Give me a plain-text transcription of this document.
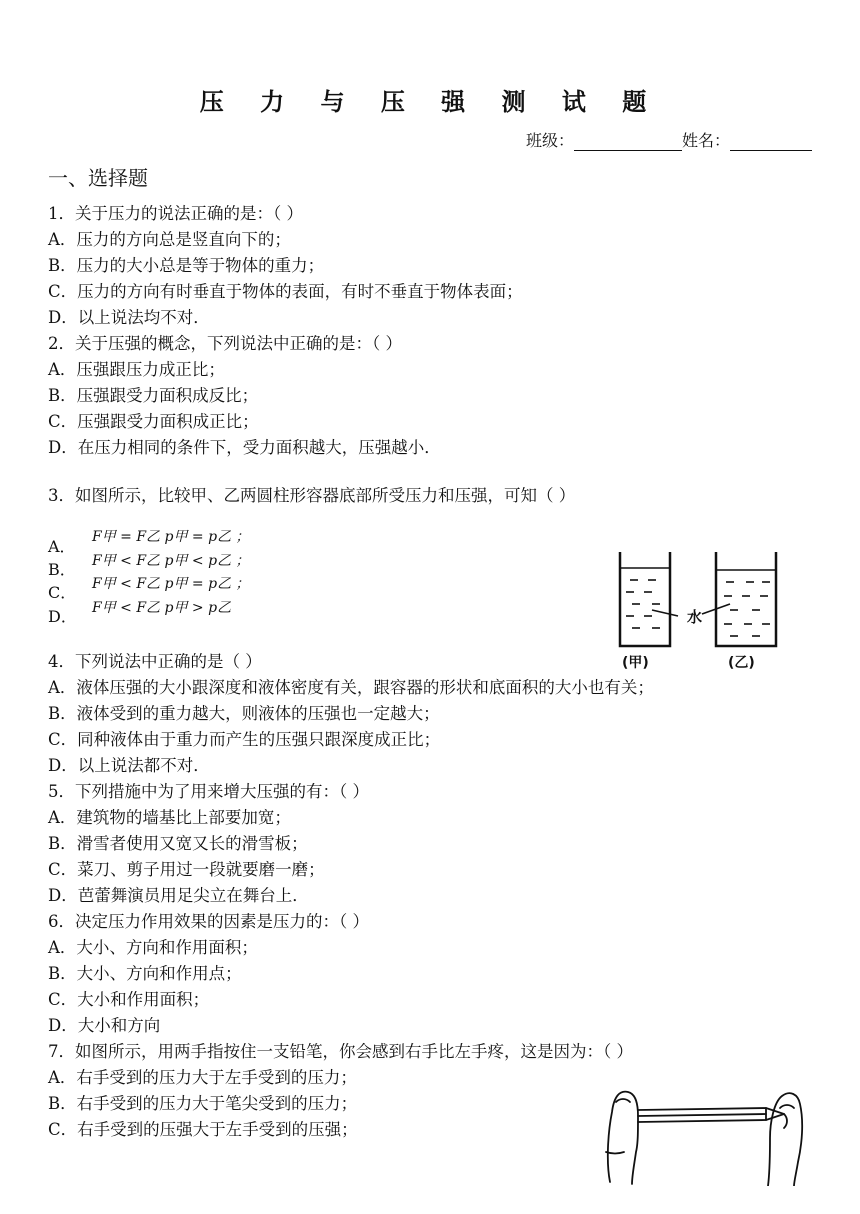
压 力 与 压 强 测 试 题
班级：	姓名：
一、选择题
1．关于压力的说法正确的是：（ ）
A．压力的方向总是竖直向下的；
B．压力的大小总是等于物体的重力；
C．压力的方向有时垂直于物体的表面，有时不垂直于物体表面；
D．以上说法均不对．
2．关于压强的概念，下列说法中正确的是：（ ）
A．压强跟压力成正比；
B．压强跟受力面积成反比；
C．压强跟受力面积成正比；
D．在压力相同的条件下，受力面积越大，压强越小．
3．如图所示，比较甲、乙两圆柱形容器底部所受压力和压强，可知（ ）
A．
B．
C．
D．
F甲 = F乙 p甲 = p乙 ；
F甲 < F乙 p甲 < p乙 ；
F甲 < F乙 p甲 = p乙 ；
F甲 < F乙 p甲 > p乙	水
(甲)	(乙)
4．下列说法中正确的是（ ）
A．液体压强的大小跟深度和液体密度有关，跟容器的形状和底面积的大小也有关；
B．液体受到的重力越大，则液体的压强也一定越大；
C．同种液体由于重力而产生的压强只跟深度成正比；
D．以上说法都不对．
5．下列措施中为了用来增大压强的有：（ ）
A．建筑物的墙基比上部要加宽；
B．滑雪者使用又宽又长的滑雪板；
C．菜刀、剪子用过一段就要磨一磨；
D．芭蕾舞演员用足尖立在舞台上．
6．决定压力作用效果的因素是压力的：（ ）
A．大小、方向和作用面积；
B．大小、方向和作用点；
C．大小和作用面积；
D．大小和方向
7．如图所示，用两手指按住一支铅笔，你会感到右手比左手疼，这是因为：（ ）
A．右手受到的压力大于左手受到的压力；
B．右手受到的压力大于笔尖受到的压力；
C．右手受到的压强大于左手受到的压强；
